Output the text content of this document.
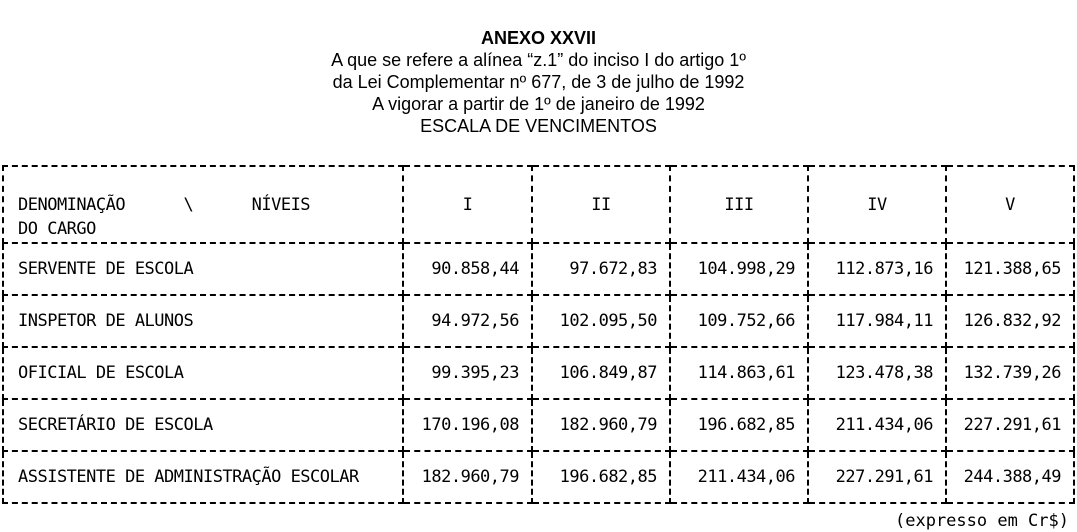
ANEXO XXVII
A que se refere a alínea “z.1” do inciso I do artigo 1º
da Lei Complementar nº 677, de 3 de julho de 1992
A vigorar a partir de 1º de janeiro de 1992
ESCALA DE VENCIMENTOS
DENOMINAÇÃO      \      NÍVEIS
DO CARGO	I	II	III	IV	V
SERVENTE DE ESCOLA	90.858,44	97.672,83	104.998,29	112.873,16	121.388,65
INSPETOR DE ALUNOS	94.972,56	102.095,50	109.752,66	117.984,11	126.832,92
OFICIAL DE ESCOLA	99.395,23	106.849,87	114.863,61	123.478,38	132.739,26
SECRETÁRIO DE ESCOLA	170.196,08	182.960,79	196.682,85	211.434,06	227.291,61
ASSISTENTE DE ADMINISTRAÇÃO ESCOLAR	182.960,79	196.682,85	211.434,06	227.291,61	244.388,49
(expresso em Cr$)
